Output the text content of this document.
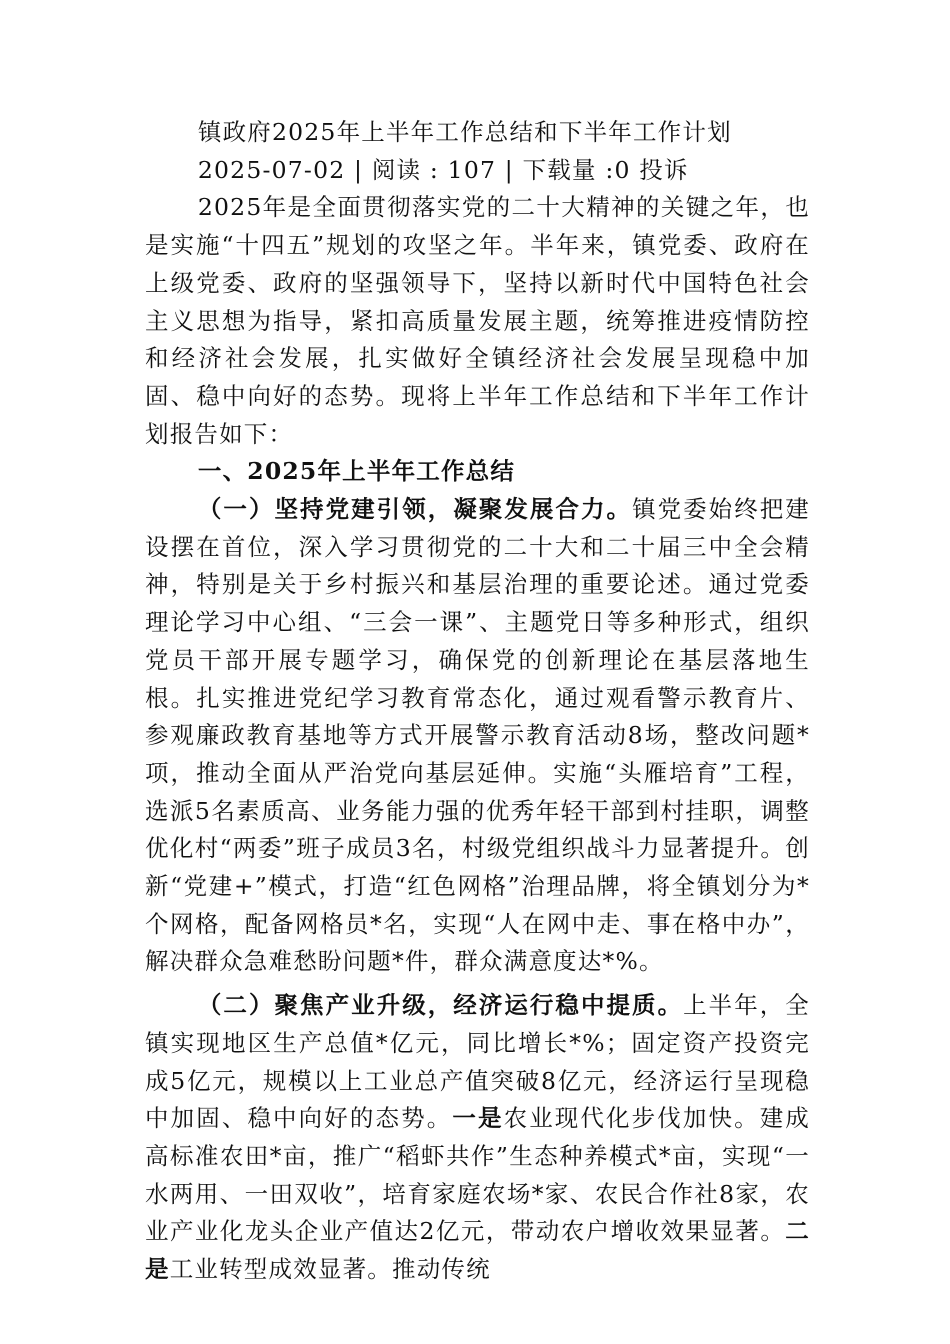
镇政府2025年上半年工作总结和下半年工作计划

2025-07-02 | 阅读 : 107 | 下载量 :0 投诉

2025年是全面贯彻落实党的二十大精神的关键之年，也是实施“十四五”规划的攻坚之年。半年来，镇党委、政府在上级党委、政府的坚强领导下，坚持以新时代中国特色社会主义思想为指导，紧扣高质量发展主题，统筹推进疫情防控和经济社会发展，扎实做好全镇经济社会发展呈现稳中加固、稳中向好的态势。现将上半年工作总结和下半年工作计划报告如下：

一、2025年上半年工作总结

（一）坚持党建引领，凝聚发展合力。镇党委始终把建设摆在首位，深入学习贯彻党的二十大和二十届三中全会精神，特别是关于乡村振兴和基层治理的重要论述。通过党委理论学习中心组、“三会一课”、主题党日等多种形式，组织党员干部开展专题学习，确保党的创新理论在基层落地生根。扎实推进党纪学习教育常态化，通过观看警示教育片、参观廉政教育基地等方式开展警示教育活动8场，整改问题*项，推动全面从严治党向基层延伸。实施“头雁培育”工程，选派5名素质高、业务能力强的优秀年轻干部到村挂职，调整优化村“两委”班子成员3名，村级党组织战斗力显著提升。创新“党建+”模式，打造“红色网格”治理品牌，将全镇划分为*个网格，配备网格员*名，实现“人在网中走、事在格中办”，解决群众急难愁盼问题*件，群众满意度达*%。

（二）聚焦产业升级，经济运行稳中提质。上半年，全镇实现地区生产总值*亿元，同比增长*%；固定资产投资完成5亿元，规模以上工业总产值突破8亿元，经济运行呈现稳中加固、稳中向好的态势。一是农业现代化步伐加快。建成高标准农田*亩，推广“稻虾共作”生态种养模式*亩，实现“一水两用、一田双收”，培育家庭农场*家、农民合作社8家，农业产业化龙头企业产值达2亿元，带动农户增收效果显著。二是工业转型成效显著。推动传统
